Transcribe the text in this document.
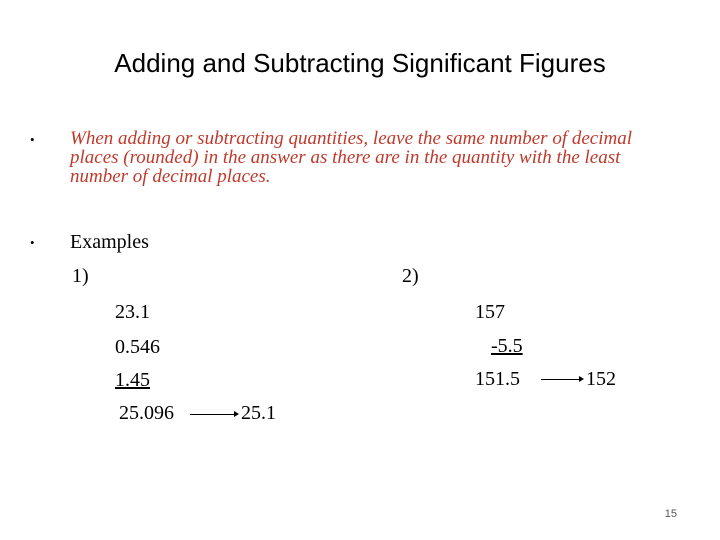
Adding and Subtracting Significant Figures
• When adding or subtracting quantities, leave the same number of decimal places (rounded) in the answer as there are in the quantity with the least number of decimal places.
• Examples
1)
23.1
0.546
1.45
25.096	25.1
2)
157
-5.5
151.5	152
15
